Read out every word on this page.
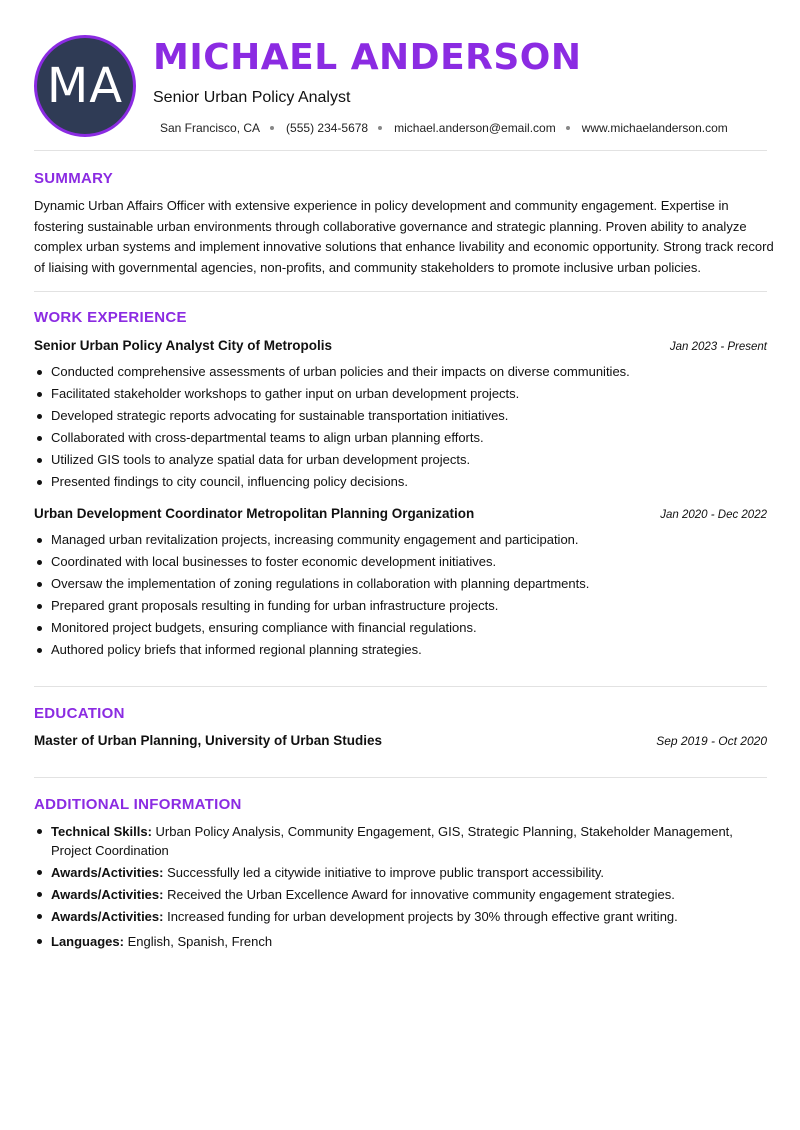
MA
MICHAEL ANDERSON
Senior Urban Policy Analyst
San Francisco, CA (555) 234-5678 michael.anderson@email.com www.michaelanderson.com
SUMMARY

Dynamic Urban Affairs Officer with extensive experience in policy development and community engagement. Expertise in fostering sustainable urban environments through collaborative governance and strategic planning. Proven ability to analyze complex urban systems and implement innovative solutions that enhance livability and economic opportunity. Strong track record of liaising with governmental agencies, non-profits, and community stakeholders to promote inclusive urban policies.

WORK EXPERIENCE
Senior Urban Policy Analyst City of Metropolis	Jan 2023 - Present
Conducted comprehensive assessments of urban policies and their impacts on diverse communities.
Facilitated stakeholder workshops to gather input on urban development projects.
Developed strategic reports advocating for sustainable transportation initiatives.
Collaborated with cross-departmental teams to align urban planning efforts.
Utilized GIS tools to analyze spatial data for urban development projects.
Presented findings to city council, influencing policy decisions.
Urban Development Coordinator Metropolitan Planning Organization	Jan 2020 - Dec 2022
Managed urban revitalization projects, increasing community engagement and participation.
Coordinated with local businesses to foster economic development initiatives.
Oversaw the implementation of zoning regulations in collaboration with planning departments.
Prepared grant proposals resulting in funding for urban infrastructure projects.
Monitored project budgets, ensuring compliance with financial regulations.
Authored policy briefs that informed regional planning strategies.
EDUCATION
Master of Urban Planning, University of Urban Studies	Sep 2019 - Oct 2020
ADDITIONAL INFORMATION
Technical Skills: Urban Policy Analysis, Community Engagement, GIS, Strategic Planning, Stakeholder Management, Project Coordination
Awards/Activities: Successfully led a citywide initiative to improve public transport accessibility.
Awards/Activities: Received the Urban Excellence Award for innovative community engagement strategies.
Awards/Activities: Increased funding for urban development projects by 30% through effective grant writing.
Languages: English, Spanish, French
